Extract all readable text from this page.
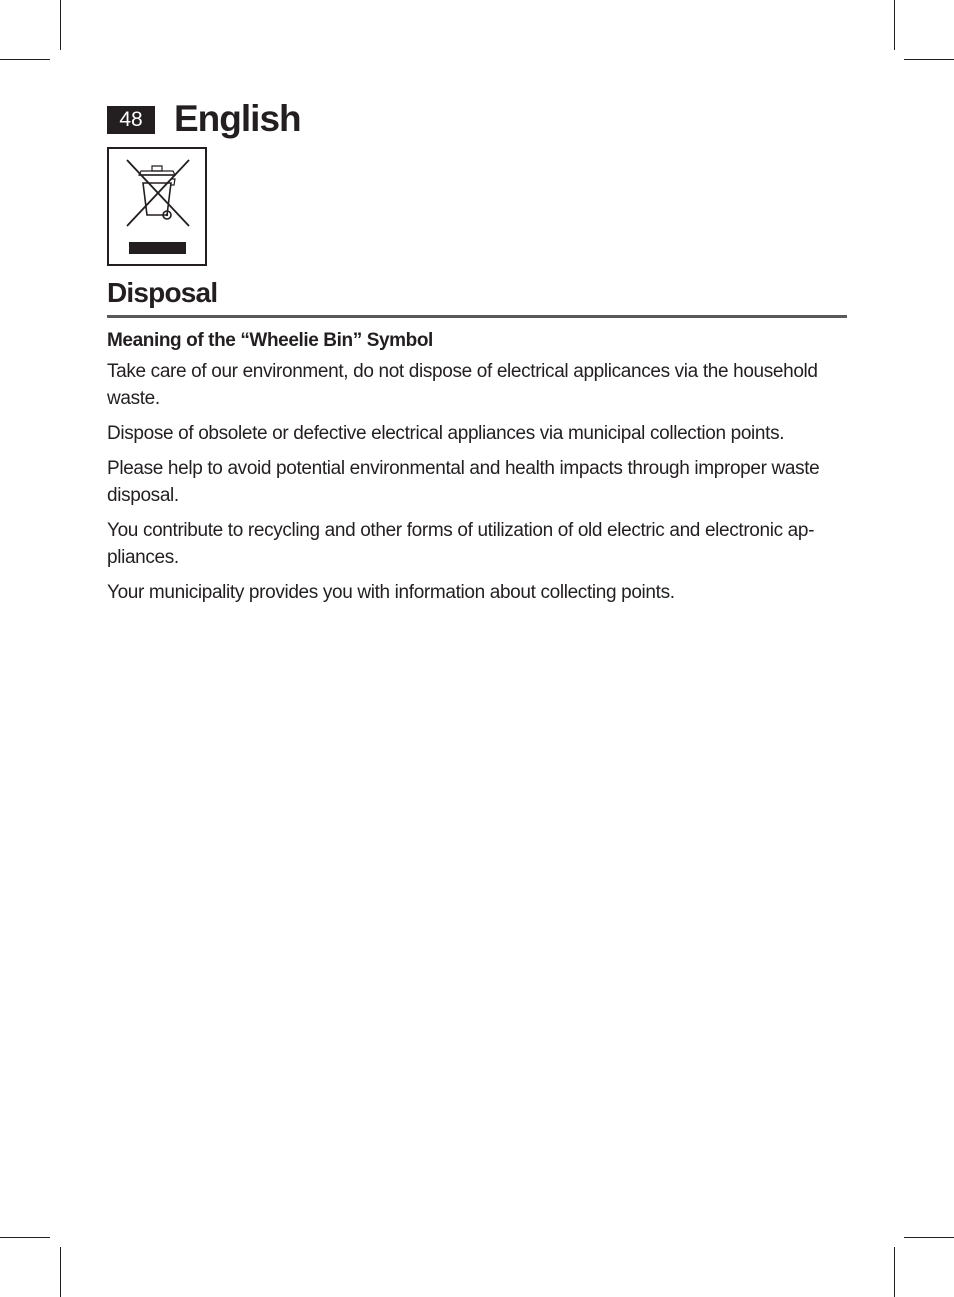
48 English
Disposal

Meaning of the “Wheelie Bin” Symbol

Take care of our environment, do not dispose of electrical applicances via the household waste.

Dispose of obsolete or defective electrical appliances via municipal collection points.

Please help to avoid potential environmental and health impacts through improper waste disposal.

You contribute to recycling and other forms of utilization of old electric and electronic ap-pliances.

Your municipality provides you with information about collecting points.
